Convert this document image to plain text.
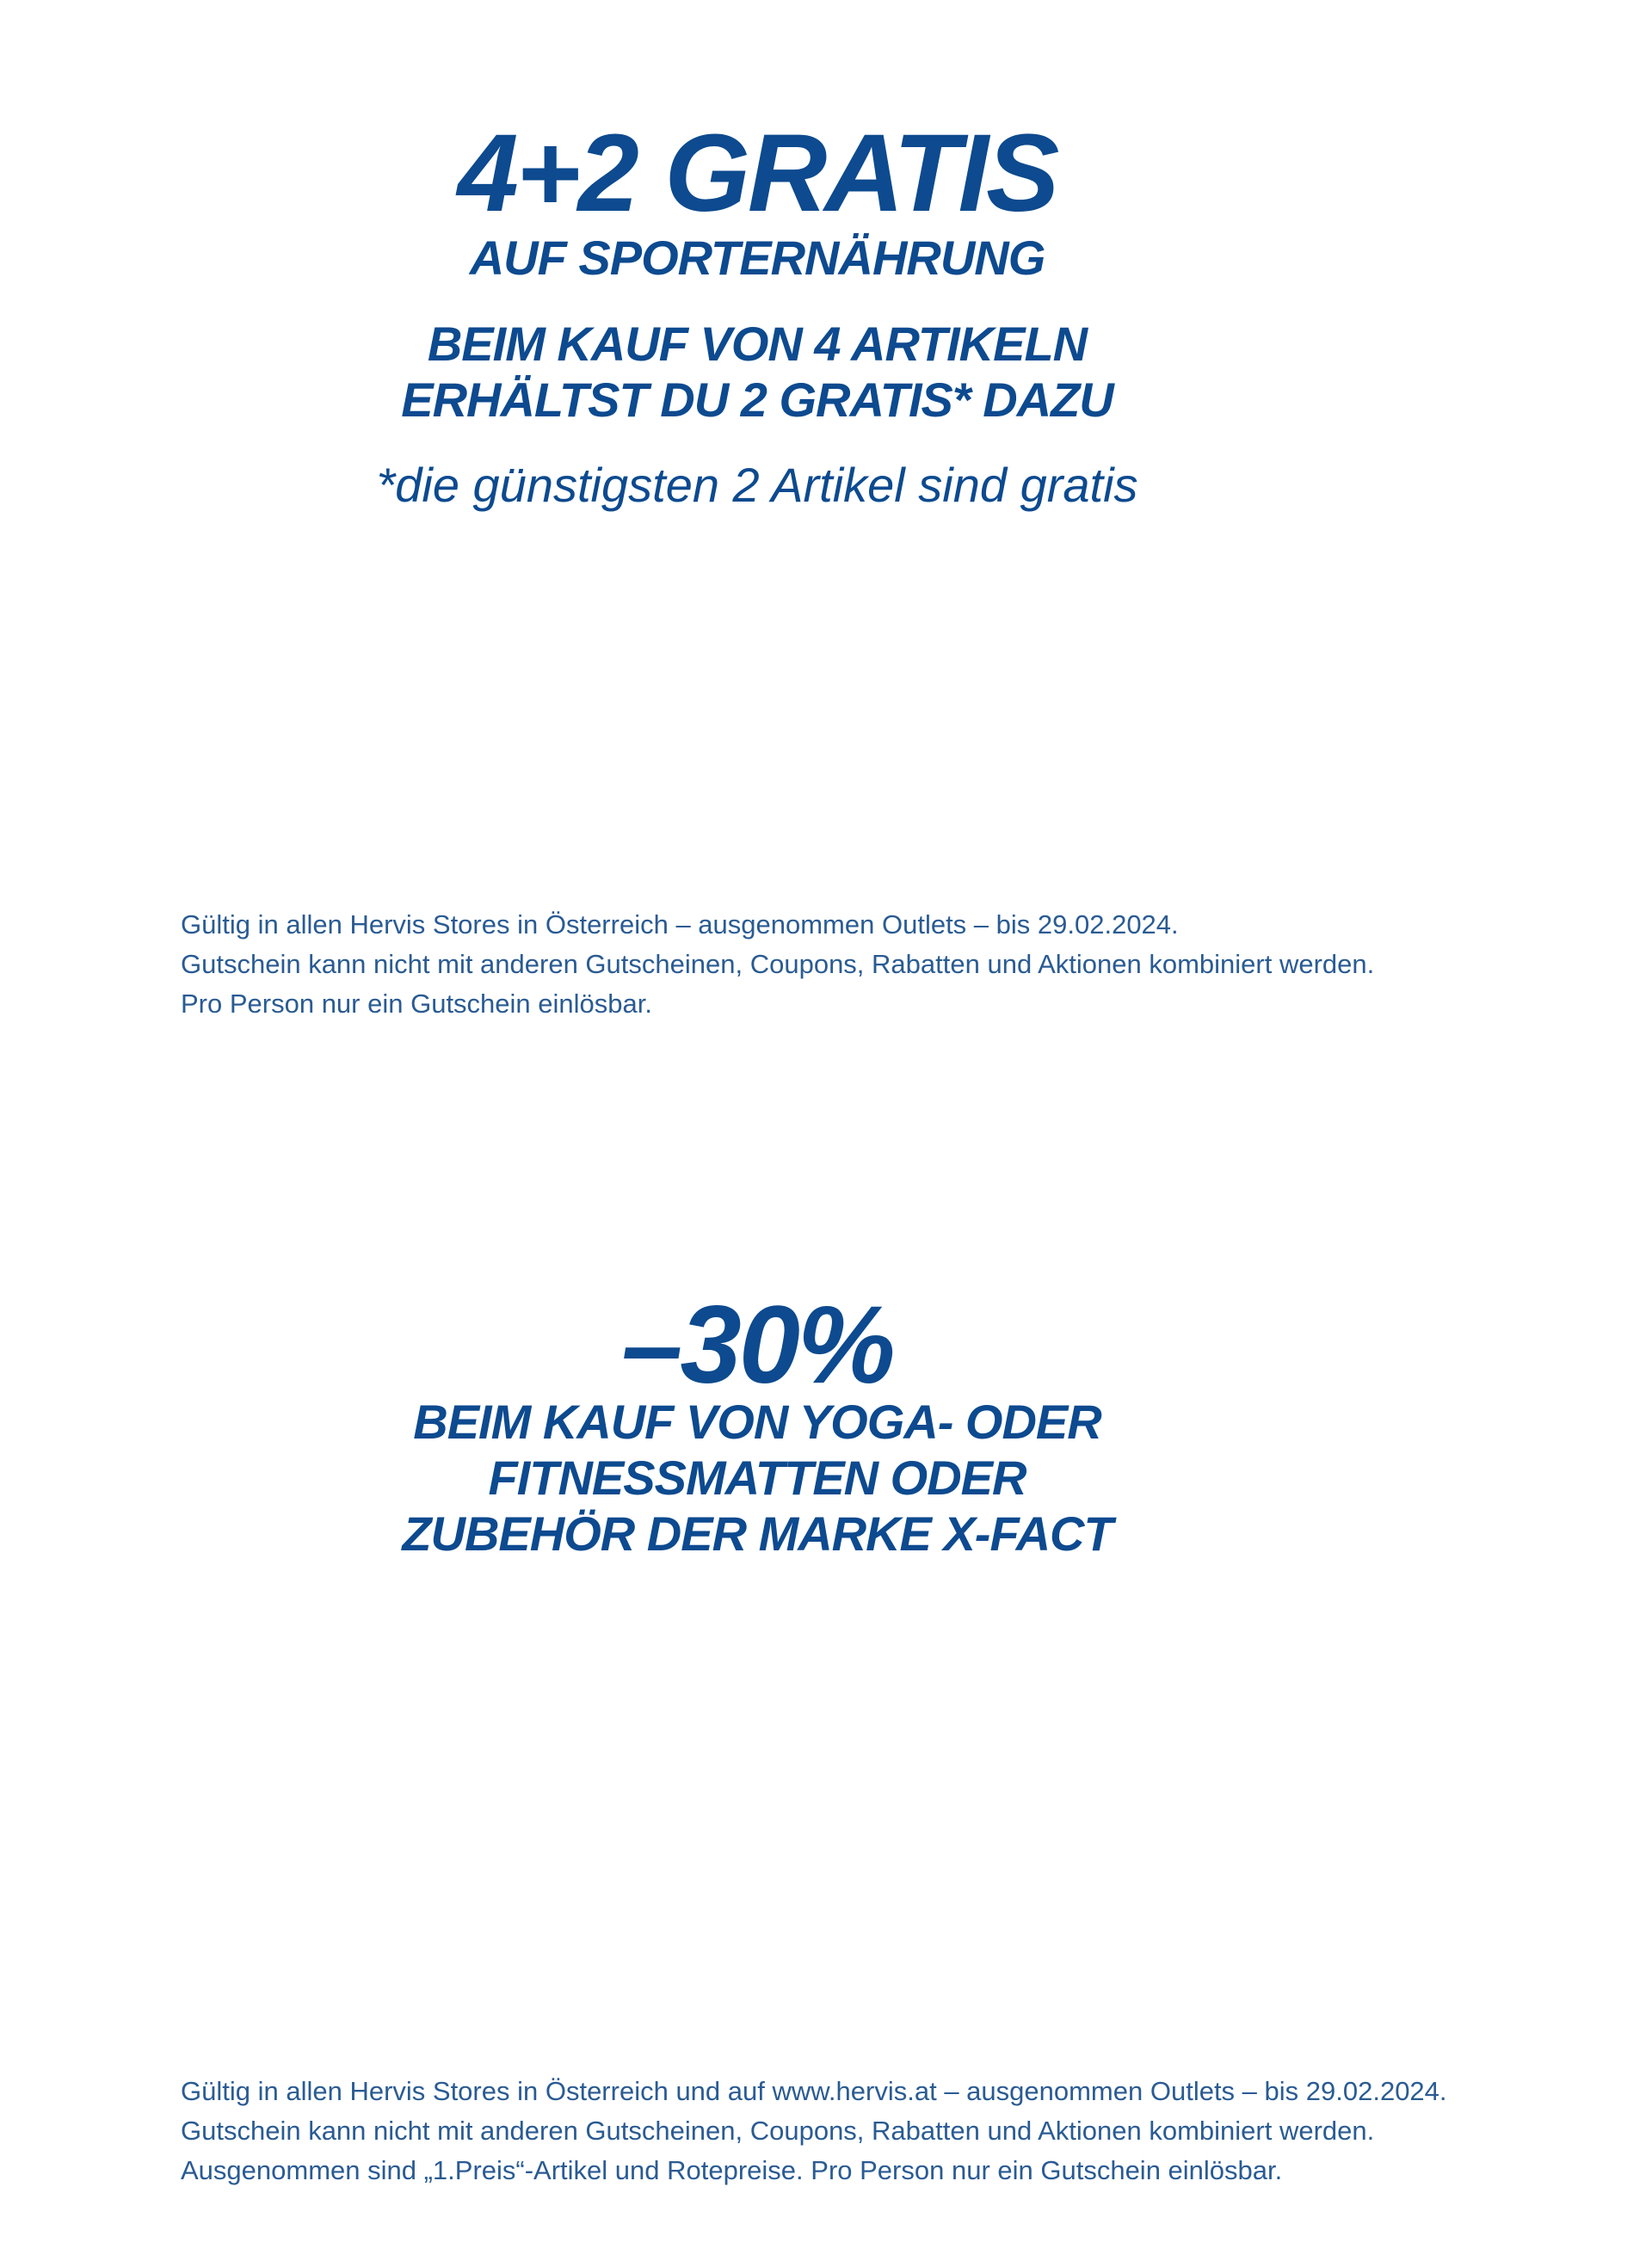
4+2 GRATIS
AUF SPORTERNÄHRUNG
BEIM KAUF VON 4 ARTIKELN
ERHÄLTST DU 2 GRATIS* DAZU

*die günstigsten 2 Artikel sind gratis

Gültig in allen Hervis Stores in Österreich – ausgenommen Outlets – bis 29.02.2024.
Gutschein kann nicht mit anderen Gutscheinen, Coupons, Rabatten und Aktionen kombiniert werden.
Pro Person nur ein Gutschein einlösbar.
–30%
BEIM KAUF VON YOGA- ODER
FITNESSMATTEN ODER
ZUBEHÖR DER MARKE X-FACT
Gültig in allen Hervis Stores in Österreich und auf www.hervis.at – ausgenommen Outlets – bis 29.02.2024.
Gutschein kann nicht mit anderen Gutscheinen, Coupons, Rabatten und Aktionen kombiniert werden.
Ausgenommen sind „1.Preis“-Artikel und Rotepreise. Pro Person nur ein Gutschein einlösbar.
